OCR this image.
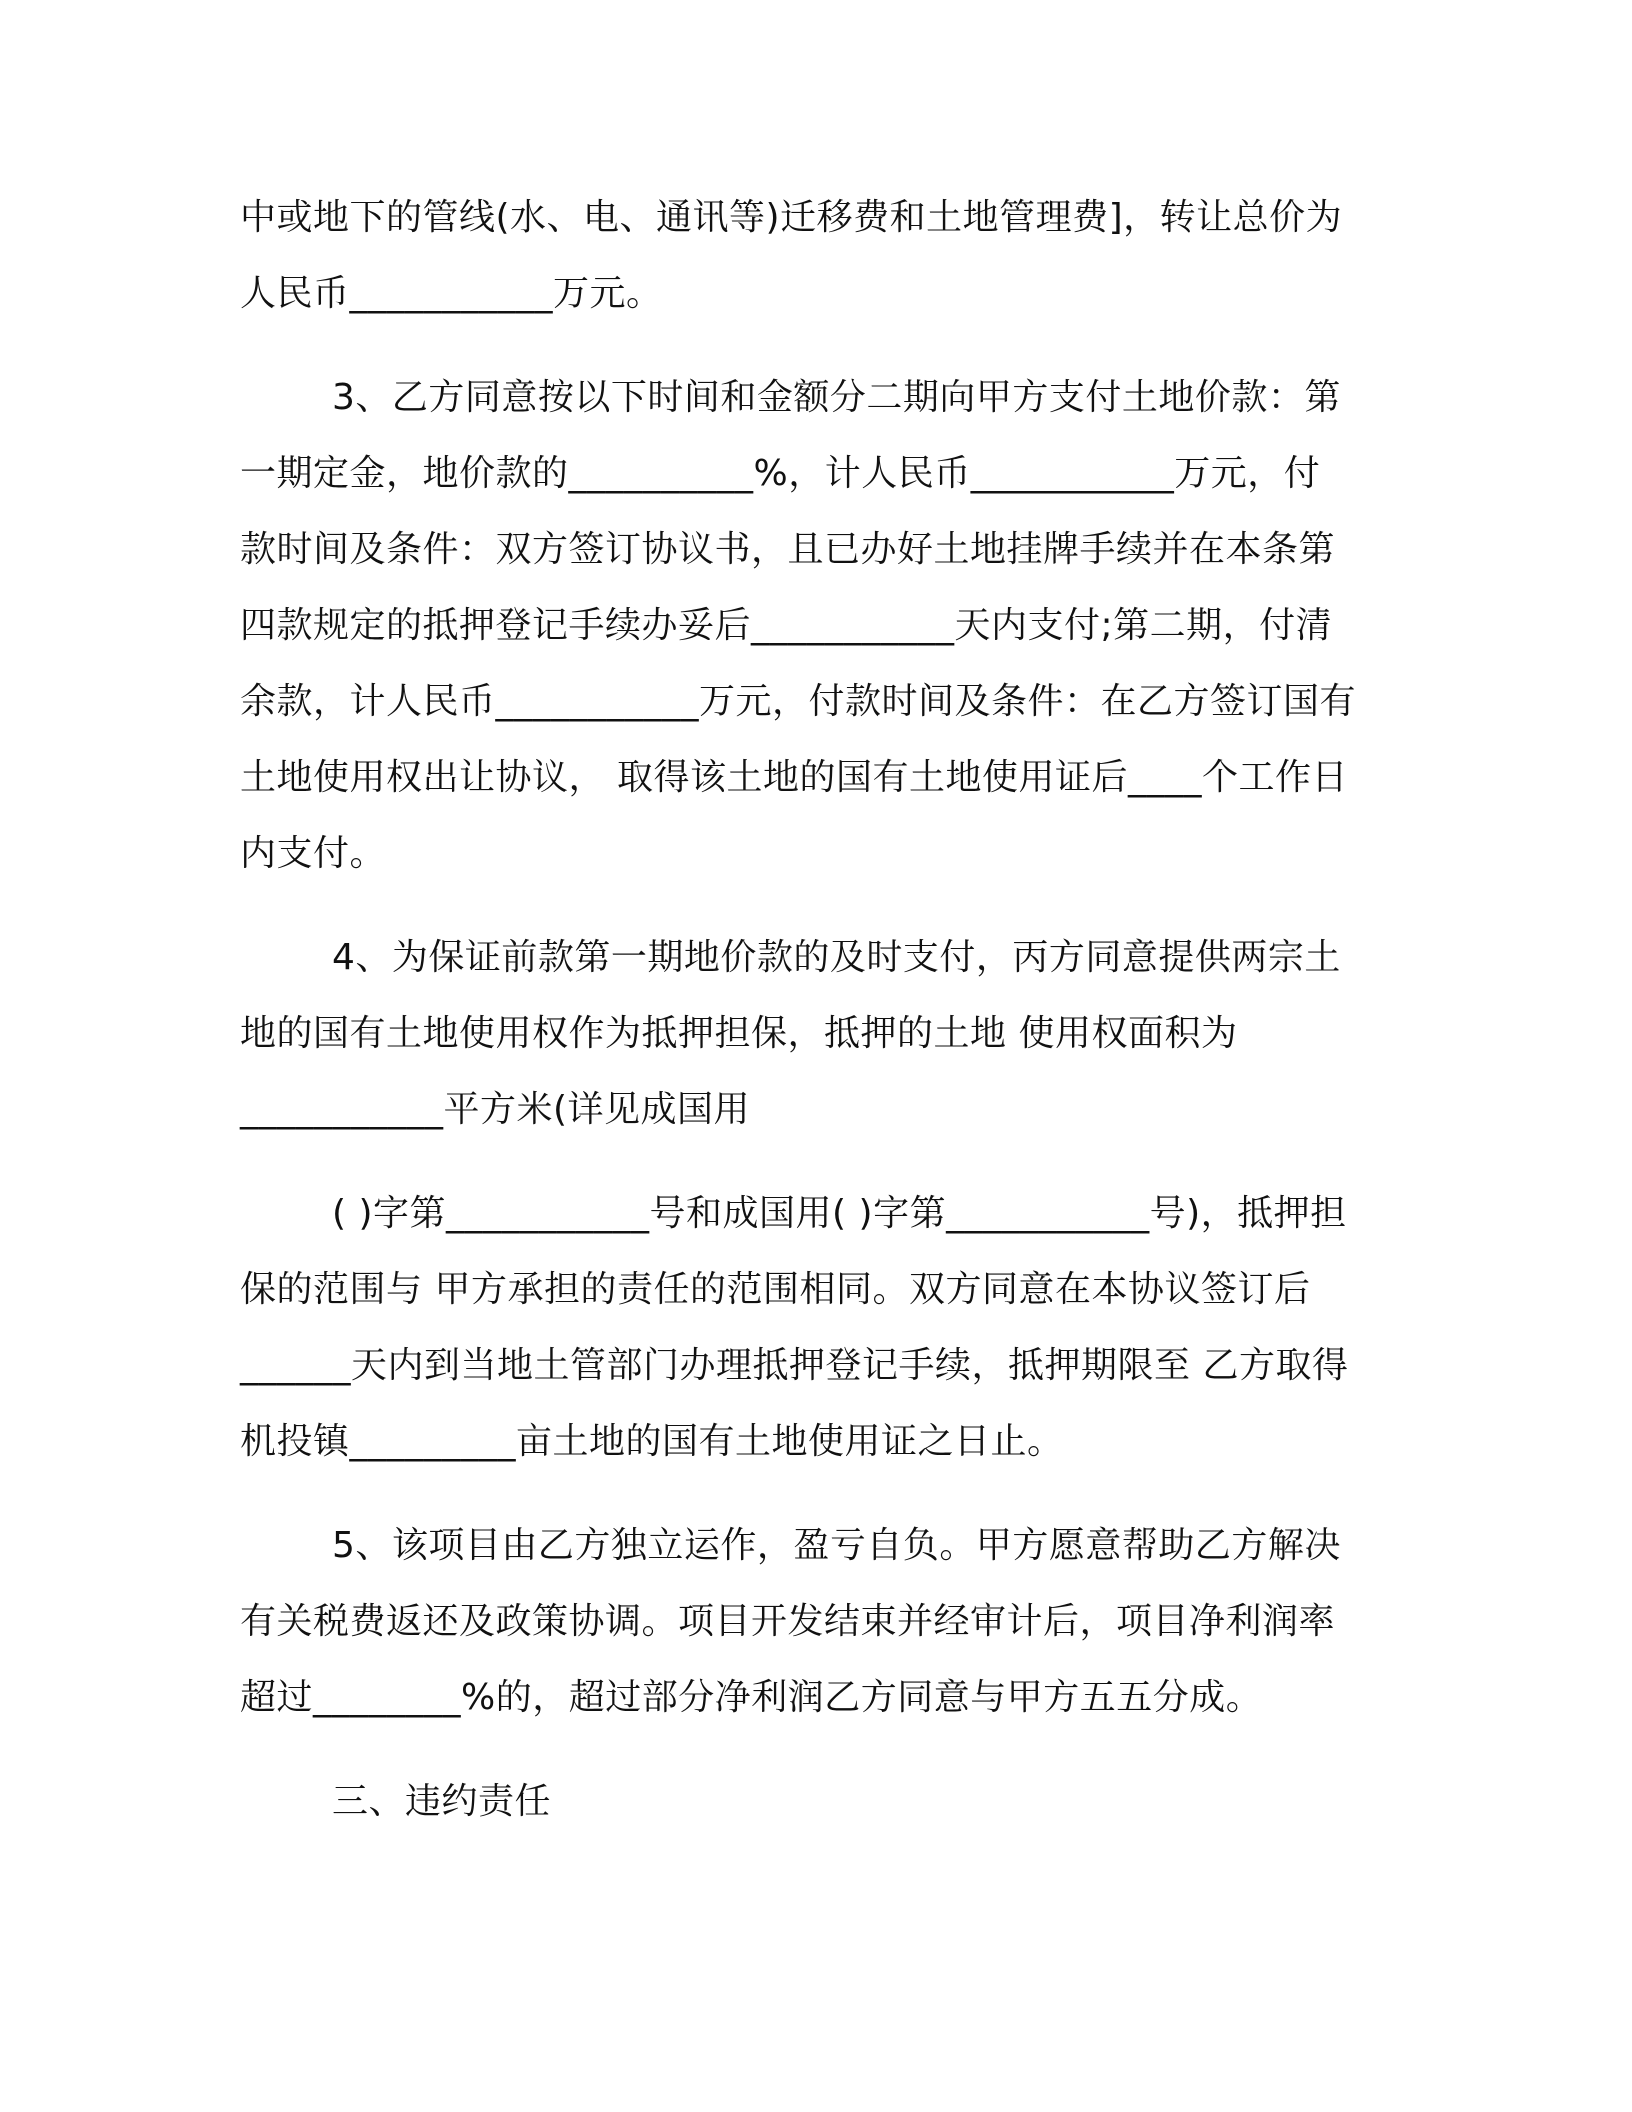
中或地下的管线(水、电、通讯等)迁移费和土地管理费]，转让总价为
人民币___________万元。
3、乙方同意按以下时间和金额分二期向甲方支付土地价款：第
一期定金，地价款的__________%，计人民币___________万元，付
款时间及条件：双方签订协议书，且已办好土地挂牌手续并在本条第
四款规定的抵押登记手续办妥后___________天内支付;第二期，付清
余款，计人民币___________万元，付款时间及条件：在乙方签订国有
土地使用权出让协议， 取得该土地的国有土地使用证后____个工作日
内支付。
4、为保证前款第一期地价款的及时支付，丙方同意提供两宗土
地的国有土地使用权作为抵押担保，抵押的土地 使用权面积为
___________平方米(详见成国用
( )字第___________号和成国用( )字第___________号)，抵押担
保的范围与 甲方承担的责任的范围相同。双方同意在本协议签订后
______天内到当地土管部门办理抵押登记手续，抵押期限至 乙方取得
机投镇_________亩土地的国有土地使用证之日止。
5、该项目由乙方独立运作，盈亏自负。甲方愿意帮助乙方解决
有关税费返还及政策协调。项目开发结束并经审计后，项目净利润率
超过________%的，超过部分净利润乙方同意与甲方五五分成。
三、违约责任
